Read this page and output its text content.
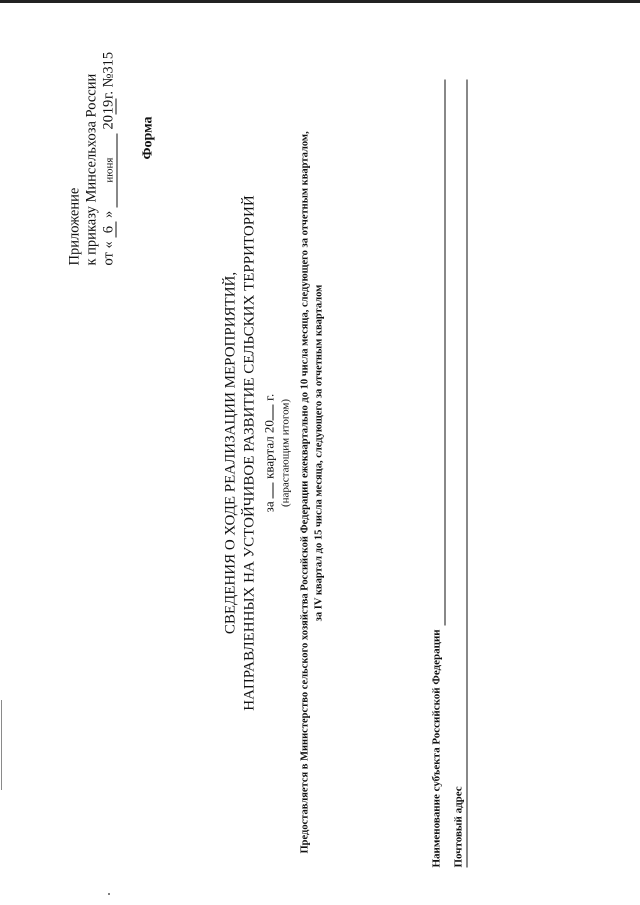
Приложение к приказу Минсельхоза России от « 6 » июня 2019г. №315
Форма
СВЕДЕНИЯ О ХОДЕ РЕАЛИЗАЦИИ МЕРОПРИЯТИЙ, НАПРАВЛЕННЫХ НА УСТОЙЧИВОЕ РАЗВИТИЕ СЕЛЬСКИХ ТЕРРИТОРИЙ за  квартал 20 г.
(нарастающим итогом) Предоставляется в Министерство сельского хозяйства Российской Федерации ежеквартально до 10 числа месяца, следующего за отчетным кварталом, за IV квартал до 15 числа месяца, следующего за отчетным кварталом
Наименование субъекта Российской Федерации Почтовый адрес
